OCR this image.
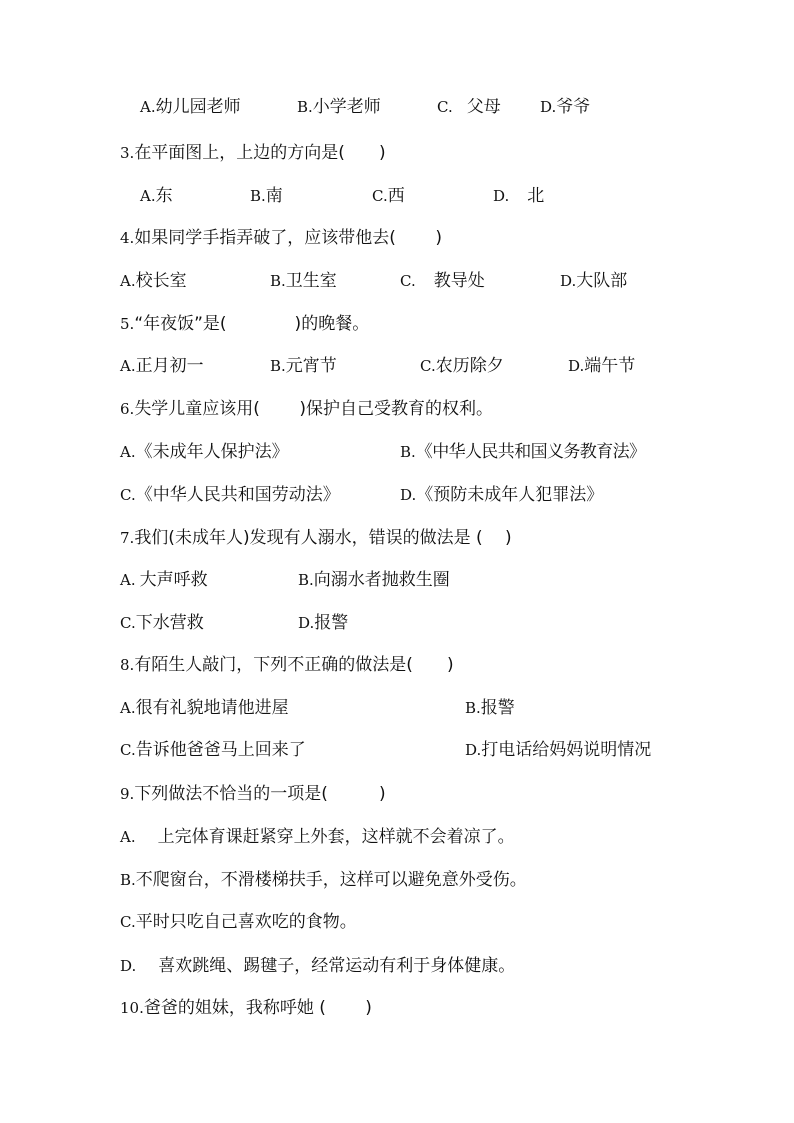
A.幼儿园老师	B.小学老师	C. 父母	D.爷爷
3.在平面图上，上边的方向是(　　)
A.东	B.南	C.西	D. 北
4.如果同学手指弄破了，应该带他去(　　 )
A.校长室	B.卫生室	C. 教导处	D.大队部
5.“年夜饭”是(　　　　)的晚餐。
A.正月初一	B.元宵节	C.农历除夕	D.端午节
6.失学儿童应该用(　　 )保护自己受教育的权利。
A.《未成年人保护法》	B.《中华人民共和国义务教育法》
C.《中华人民共和国劳动法》	D.《预防未成年人犯罪法》
7.我们(未成年人)发现有人溺水，错误的做法是 (　 )
A. 大声呼救	B.向溺水者抛救生圈
C.下水营救	D.报警
8.有陌生人敲门，下列不正确的做法是(　　)
A.很有礼貌地请他进屋	B.报警
C.告诉他爸爸马上回来了	D.打电话给妈妈说明情况
9.下列做法不恰当的一项是(　　　)
A. 上完体育课赶紧穿上外套，这样就不会着凉了。
B.不爬窗台，不滑楼梯扶手，这样可以避免意外受伤。
C.平时只吃自己喜欢吃的食物。
D. 喜欢跳绳、踢毽子，经常运动有利于身体健康。
10.爸爸的姐妹，我称呼她 (　　 )
